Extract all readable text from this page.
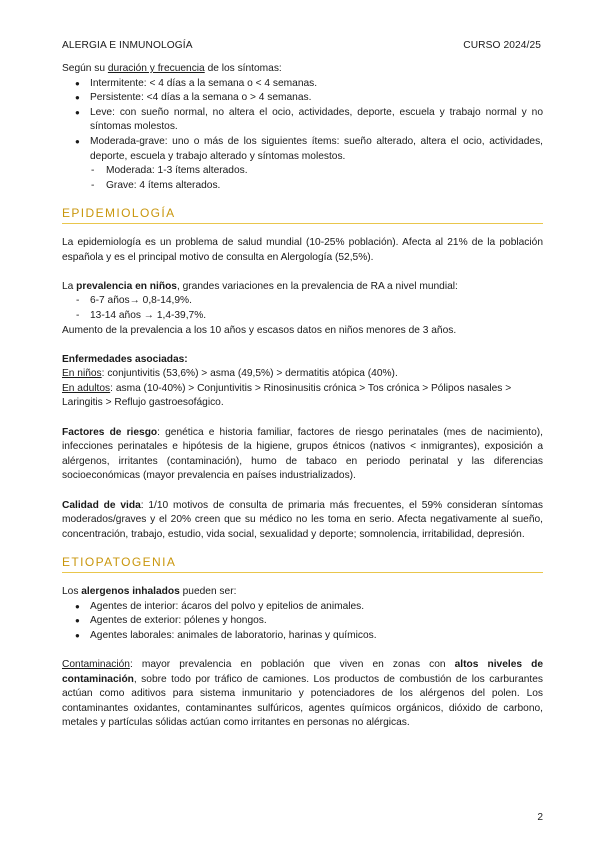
ALERGIA E INMUNOLOGÍA	CURSO 2024/25

Según su duración y frecuencia de los síntomas:

● Intermitente: < 4 días a la semana o < 4 semanas.
● Persistente: <4 días a la semana o > 4 semanas.
● Leve: con sueño normal, no altera el ocio, actividades, deporte, escuela y trabajo normal y no síntomas molestos.
● Moderada-grave: uno o más de los siguientes ítems: sueño alterado, altera el ocio, actividades, deporte, escuela y trabajo alterado y síntomas molestos.
- Moderada: 1-3 ítems alterados.
- Grave: 4 ítems alterados.
EPIDEMIOLOGÍA

La epidemiología es un problema de salud mundial (10-25% población). Afecta al 21% de la población española y es el principal motivo de consulta en Alergología (52,5%).

La prevalencia en niños, grandes variaciones en la prevalencia de RA a nivel mundial:

- 6-7 años→ 0,8-14,9%.
- 13-14 años → 1,4-39,7%.

Aumento de la prevalencia a los 10 años y escasos datos en niños menores de 3 años.

Enfermedades asociadas:

En niños: conjuntivitis (53,6%) > asma (49,5%) > dermatitis atópica (40%).

En adultos: asma (10-40%) > Conjuntivitis > Rinosinusitis crónica > Tos crónica > Pólipos nasales > Laringitis > Reflujo gastroesofágico.

Factores de riesgo: genética e historia familiar, factores de riesgo perinatales (mes de nacimiento), infecciones perinatales e hipótesis de la higiene, grupos étnicos (nativos < inmigrantes), exposición a alérgenos, irritantes (contaminación), humo de tabaco en periodo perinatal y las diferencias socioeconómicas (mayor prevalencia en países industrializados).

Calidad de vida: 1/10 motivos de consulta de primaria más frecuentes, el 59% consideran síntomas moderados/graves y el 20% creen que su médico no les toma en serio. Afecta negativamente al sueño, concentración, trabajo, estudio, vida social, sexualidad y deporte; somnolencia, irritabilidad, depresión.

ETIOPATOGENIA

Los alergenos inhalados pueden ser:

● Agentes de interior: ácaros del polvo y epitelios de animales.
● Agentes de exterior: pólenes y hongos.
● Agentes laborales: animales de laboratorio, harinas y químicos.

Contaminación: mayor prevalencia en población que viven en zonas con altos niveles de contaminación, sobre todo por tráfico de camiones. Los productos de combustión de los carburantes actúan como aditivos para sistema inmunitario y potenciadores de los alérgenos del polen. Los contaminantes oxidantes, contaminantes sulfúricos, agentes químicos orgánicos, dióxido de carbono, metales y partículas sólidas actúan como irritantes en personas no alérgicas.

2
